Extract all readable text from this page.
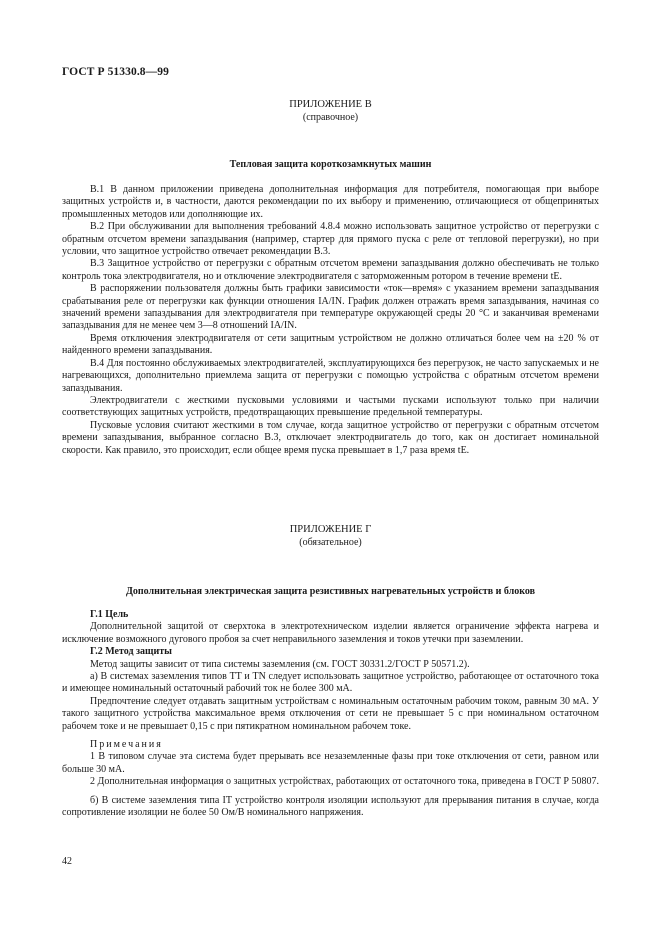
ГОСТ Р 51330.8—99
ПРИЛОЖЕНИЕ В
(справочное)
Тепловая защита короткозамкнутых машин

В.1 В данном приложении приведена дополнительная информация для потребителя, помогающая при выборе защитных устройств и, в частности, даются рекомендации по их выбору и применению, отличающиеся от общепринятых промышленных методов или дополняющие их.

В.2 При обслуживании для выполнения требований 4.8.4 можно использовать защитное устройство от перегрузки с обратным отсчетом времени запаздывания (например, стартер для прямого пуска с реле от тепловой перегрузки), но при условии, что защитное устройство отвечает рекомендации В.3.

В.3 Защитное устройство от перегрузки с обратным отсчетом времени запаздывания должно обеспечивать не только контроль тока электродвигателя, но и отключение электродвигателя с заторможенным ротором в течение времени tE.

В распоряжении пользователя должны быть графики зависимости «ток—время» с указанием времени запаздывания срабатывания реле от перегрузки как функции отношения IA/IN. График должен отражать время запаздывания, начиная со значений времени запаздывания для электродвигателя при температуре окружающей среды 20 °С и заканчивая временами запаздывания для не менее чем 3—8 отношений IA/IN.

Время отключения электродвигателя от сети защитным устройством не должно отличаться более чем на ±20 % от найденного времени запаздывания.

В.4 Для постоянно обслуживаемых электродвигателей, эксплуатирующихся без перегрузок, не часто запускаемых и не нагревающихся, дополнительно приемлема защита от перегрузки с помощью устройства с обратным отсчетом времени запаздывания.

Электродвигатели с жесткими пусковыми условиями и частыми пусками используют только при наличии соответствующих защитных устройств, предотвращающих превышение предельной температуры.

Пусковые условия считают жесткими в том случае, когда защитное устройство от перегрузки с обратным отсчетом времени запаздывания, выбранное согласно В.3, отключает электродвигатель до того, как он достигает номинальной скорости. Как правило, это происходит, если общее время пуска превышает в 1,7 раза время tE.

ПРИЛОЖЕНИЕ Г
(обязательное)
Дополнительная электрическая защита резистивных нагревательных устройств и блоков

Г.1 Цель

Дополнительной защитой от сверхтока в электротехническом изделии является ограничение эффекта нагрева и исключение возможного дугового пробоя за счет неправильного заземления и токов утечки при заземлении.

Г.2 Метод защиты

Метод защиты зависит от типа системы заземления (см. ГОСТ 30331.2/ГОСТ Р 50571.2).

а) В системах заземления типов TT и TN следует использовать защитное устройство, работающее от остаточного тока и имеющее номинальный остаточный рабочий ток не более 300 мА.

Предпочтение следует отдавать защитным устройствам с номинальным остаточным рабочим током, равным 30 мА. У такого защитного устройства максимальное время отключения от сети не превышает 5 с при номинальном остаточном рабочем токе и не превышает 0,15 с при пятикратном номинальном рабочем токе.

Примечания

1 В типовом случае эта система будет прерывать все незаземленные фазы при токе отключения от сети, равном или больше 30 мА.

2 Дополнительная информация о защитных устройствах, работающих от остаточного тока, приведена в ГОСТ Р 50807.

б) В системе заземления типа IT устройство контроля изоляции используют для прерывания питания в случае, когда сопротивление изоляции не более 50 Ом/В номинального напряжения.

42
